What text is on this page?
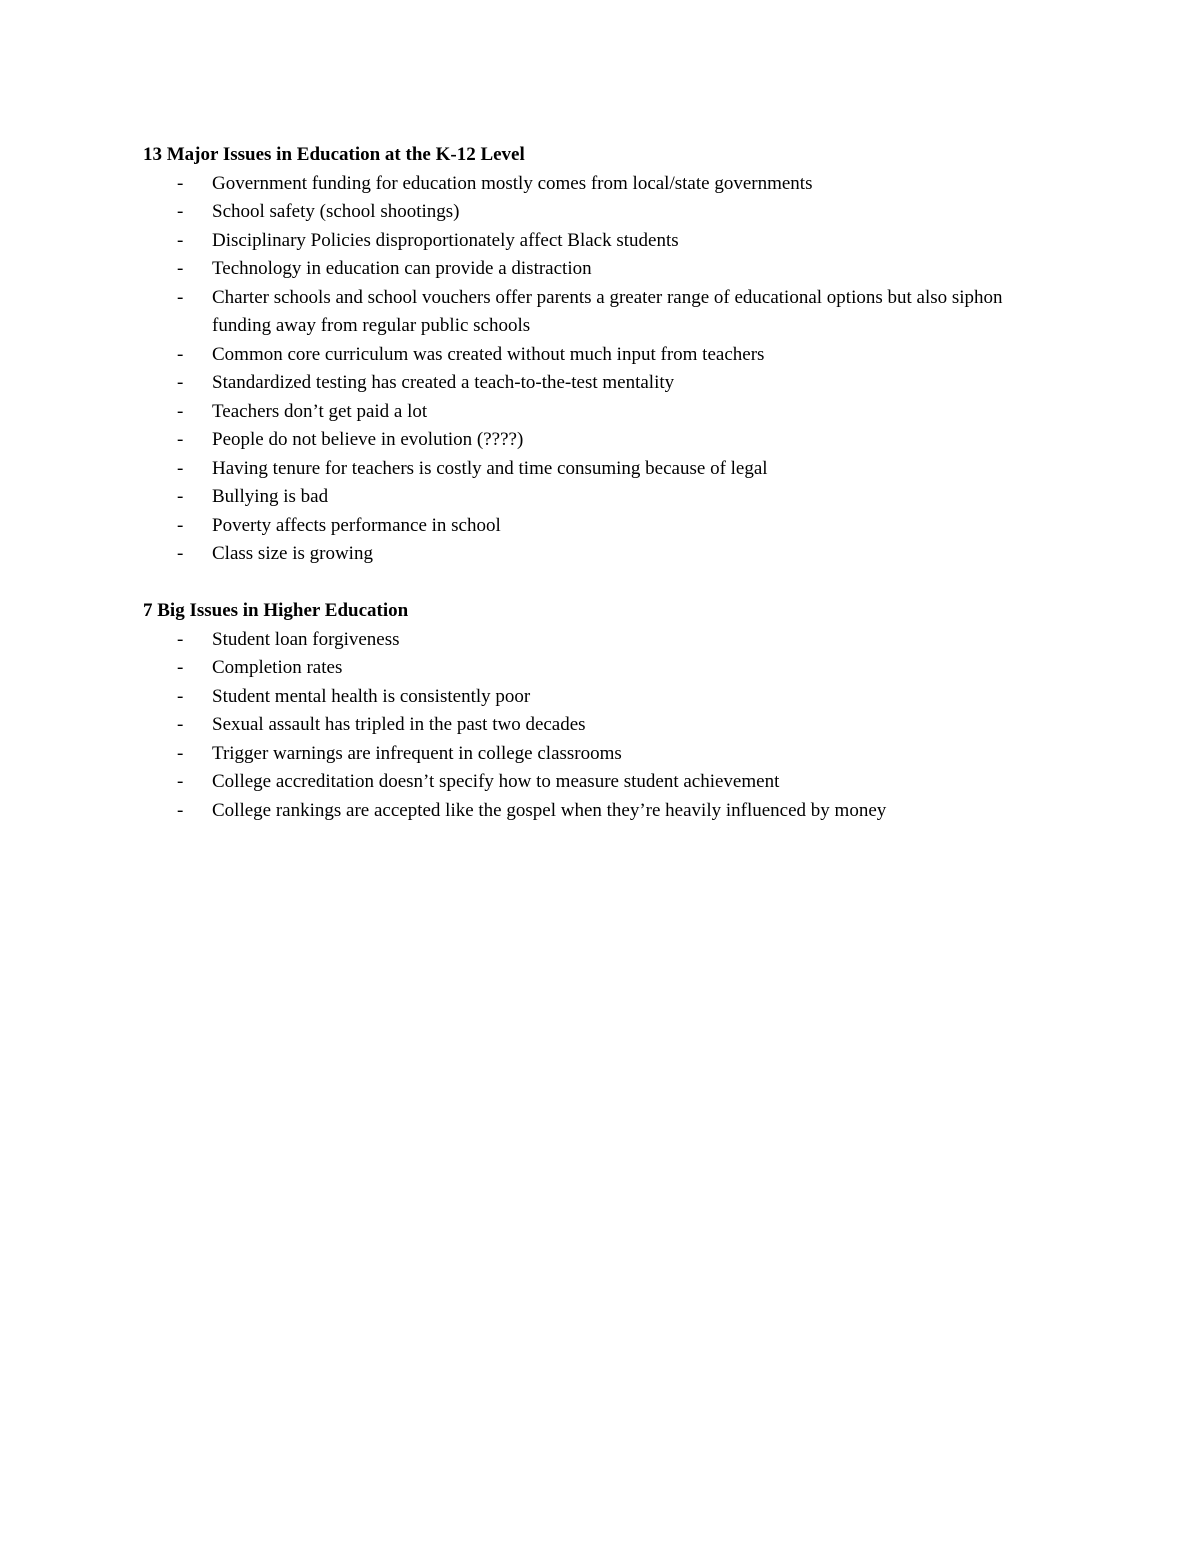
13 Major Issues in Education at the K-12 Level

- Government funding for education mostly comes from local/state governments
- School safety (school shootings)
- Disciplinary Policies disproportionately affect Black students
- Technology in education can provide a distraction
- Charter schools and school vouchers offer parents a greater range of educational options but also siphon funding away from regular public schools
- Common core curriculum was created without much input from teachers
- Standardized testing has created a teach-to-the-test mentality
- Teachers don’t get paid a lot
- People do not believe in evolution (????)
- Having tenure for teachers is costly and time consuming because of legal
- Bullying is bad
- Poverty affects performance in school
- Class size is growing

7 Big Issues in Higher Education

- Student loan forgiveness
- Completion rates
- Student mental health is consistently poor
- Sexual assault has tripled in the past two decades
- Trigger warnings are infrequent in college classrooms
- College accreditation doesn’t specify how to measure student achievement
- College rankings are accepted like the gospel when they’re heavily influenced by money
